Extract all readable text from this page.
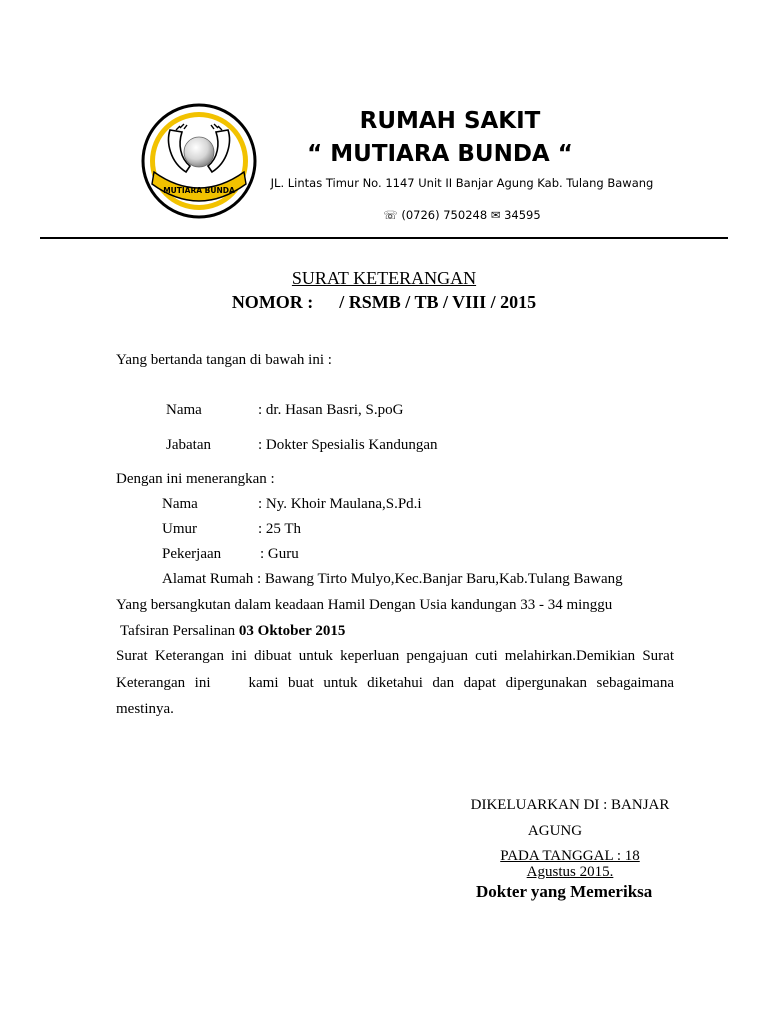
MUTIARA BUNDA
RUMAH SAKIT
“ MUTIARA BUNDA “
JL. Lintas Timur No. 1147 Unit II Banjar Agung Kab. Tulang Bawang
☏ (0726) 750248 ✉ 34595
SURAT KETERANGAN
NOMOR : / RSMB / TB / VIII / 2015
Yang bertanda tangan di bawah ini :
Nama	: dr. Hasan Basri, S.poG
Jabatan	: Dokter Spesialis Kandungan
Dengan ini menerangkan :
Nama	: Ny. Khoir Maulana,S.Pd.i
Umur	: 25 Th
Pekerjaan	: Guru
Alamat Rumah : Bawang Tirto Mulyo,Kec.Banjar Baru,Kab.Tulang Bawang
Yang bersangkutan dalam keadaan Hamil Dengan Usia kandungan 33 - 34 minggu
Tafsiran Persalinan 03 Oktober 2015
Surat Keterangan ini dibuat untuk keperluan pengajuan cuti melahirkan.Demikian Surat Keterangan ini	kami buat untuk diketahui dan dapat dipergunakan sebagaimana mestinya.
DIKELUARKAN DI : BANJAR
AGUNG
PADA TANGGAL : 18
Agustus 2015.
Dokter yang Memeriksa
